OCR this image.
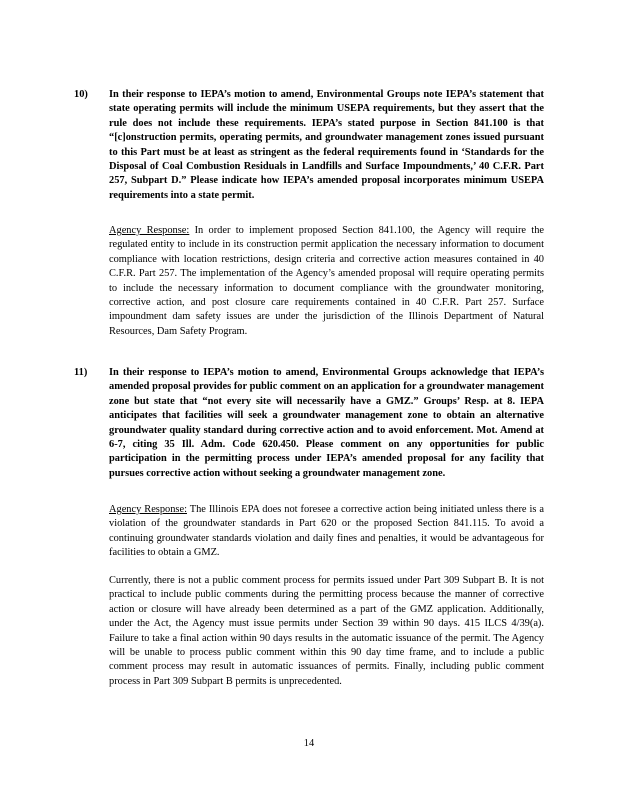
10) In their response to IEPA’s motion to amend, Environmental Groups note IEPA’s statement that state operating permits will include the minimum USEPA requirements, but they assert that the rule does not include these requirements. IEPA’s stated purpose in Section 841.100 is that “[c]onstruction permits, operating permits, and groundwater management zones issued pursuant to this Part must be at least as stringent as the federal requirements found in ‘Standards for the Disposal of Coal Combustion Residuals in Landfills and Surface Impoundments,’ 40 C.F.R. Part 257, Subpart D.” Please indicate how IEPA’s amended proposal incorporates minimum USEPA requirements into a state permit.
Agency Response: In order to implement proposed Section 841.100, the Agency will require the regulated entity to include in its construction permit application the necessary information to document compliance with location restrictions, design criteria and corrective action measures contained in 40 C.F.R. Part 257. The implementation of the Agency’s amended proposal will require operating permits to include the necessary information to document compliance with the groundwater monitoring, corrective action, and post closure care requirements contained in 40 C.F.R. Part 257. Surface impoundment dam safety issues are under the jurisdiction of the Illinois Department of Natural Resources, Dam Safety Program.
11) In their response to IEPA’s motion to amend, Environmental Groups acknowledge that IEPA’s amended proposal provides for public comment on an application for a groundwater management zone but state that “not every site will necessarily have a GMZ.” Groups’ Resp. at 8. IEPA anticipates that facilities will seek a groundwater management zone to obtain an alternative groundwater quality standard during corrective action and to avoid enforcement. Mot. Amend at 6-7, citing 35 Ill. Adm. Code 620.450. Please comment on any opportunities for public participation in the permitting process under IEPA’s amended proposal for any facility that pursues corrective action without seeking a groundwater management zone.
Agency Response: The Illinois EPA does not foresee a corrective action being initiated unless there is a violation of the groundwater standards in Part 620 or the proposed Section 841.115. To avoid a continuing groundwater standards violation and daily fines and penalties, it would be advantageous for facilities to obtain a GMZ.
Currently, there is not a public comment process for permits issued under Part 309 Subpart B. It is not practical to include public comments during the permitting process because the manner of corrective action or closure will have already been determined as a part of the GMZ application. Additionally, under the Act, the Agency must issue permits under Section 39 within 90 days. 415 ILCS 4/39(a). Failure to take a final action within 90 days results in the automatic issuance of the permit. The Agency will be unable to process public comment within this 90 day time frame, and to include a public comment process may result in automatic issuances of permits. Finally, including public comment process in Part 309 Subpart B permits is unprecedented.
14
